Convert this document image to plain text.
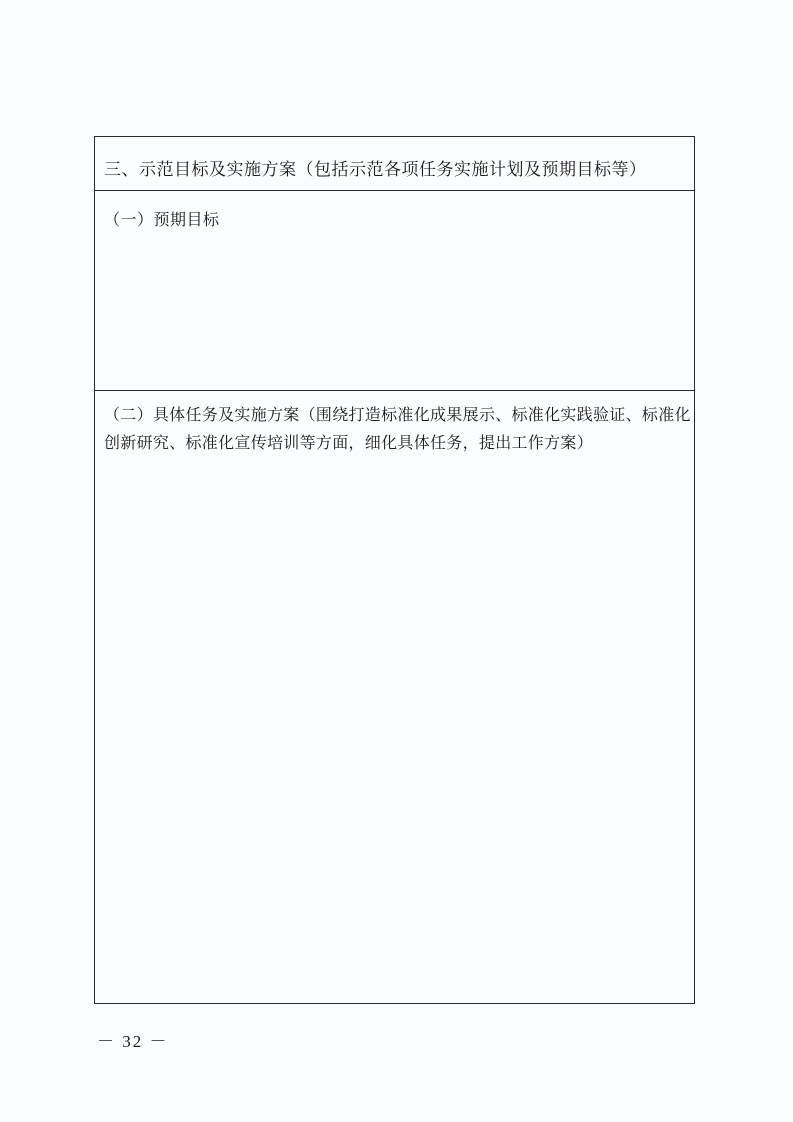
三、示范目标及实施方案（包括示范各项任务实施计划及预期目标等）
（一）预期目标
（二）具体任务及实施方案（围绕打造标准化成果展示、标准化实践验证、标准化创新研究、标准化宣传培训等方面，细化具体任务，提出工作方案）
－ 32 －
